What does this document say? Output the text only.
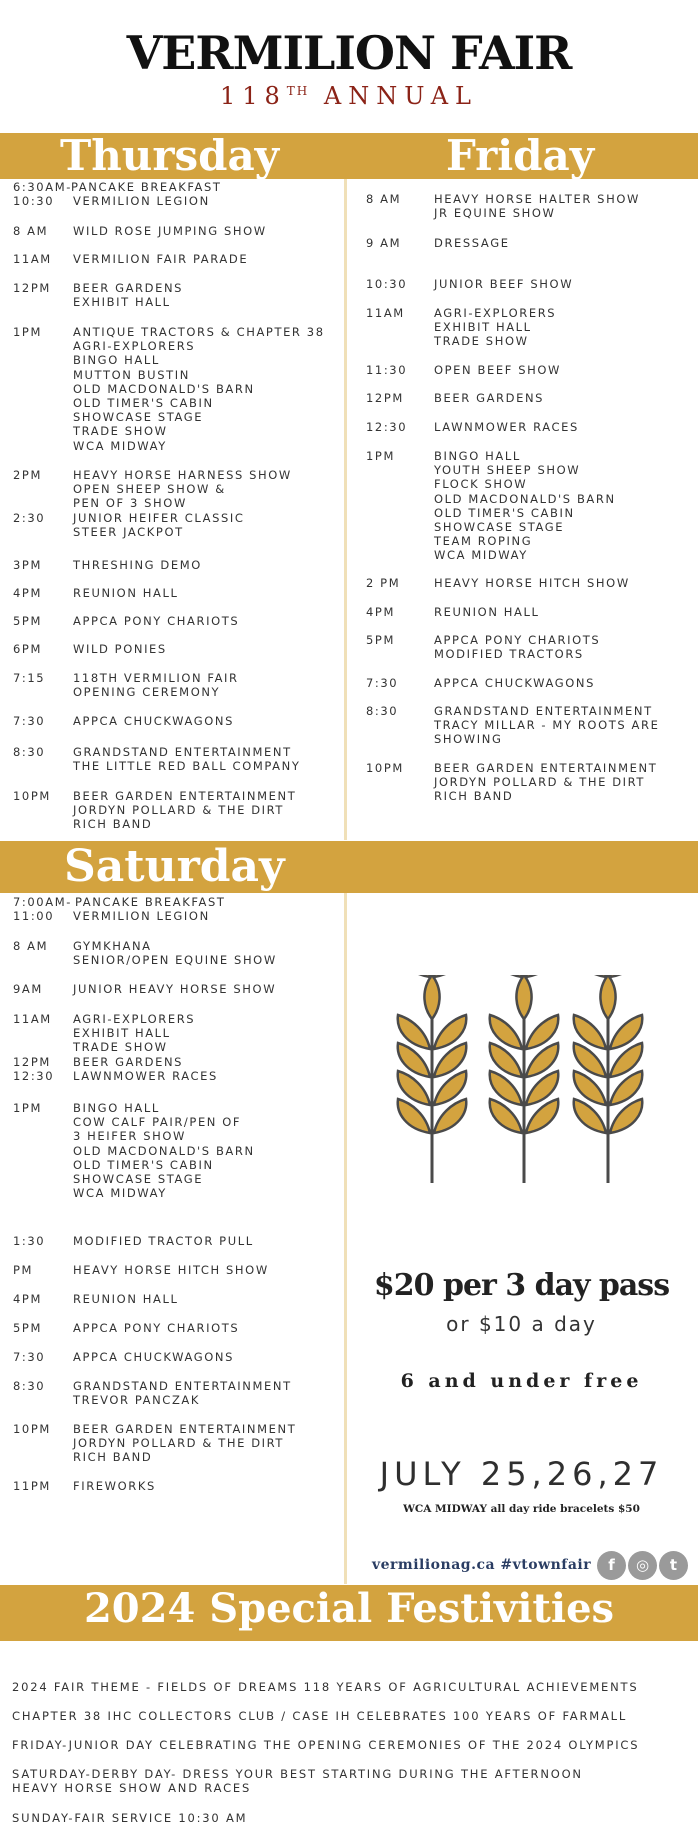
VERMILION FAIR
118TH ANNUAL
Thursday	Friday
6:30AM- PANCAKE BREAKFAST
10:30 VERMILION LEGION
8 AM WILD ROSE JUMPING SHOW
11AM VERMILION FAIR PARADE
12PM BEER GARDENS
EXHIBIT HALL
1PM	ANTIQUE TRACTORS & CHAPTER 38
AGRI-EXPLORERS
BINGO HALL
MUTTON BUSTIN
OLD MACDONALD'S BARN
OLD TIMER'S CABIN
SHOWCASE STAGE
TRADE SHOW
WCA MIDWAY
2PM	HEAVY HORSE HARNESS SHOW
OPEN SHEEP SHOW &
PEN OF 3 SHOW
2:30 JUNIOR HEIFER CLASSIC
STEER JACKPOT
3PM	THRESHING DEMO
4PM	REUNION HALL
5PM	APPCA PONY CHARIOTS
6PM	WILD PONIES
7:15 118TH VERMILION FAIR
OPENING CEREMONY
7:30 APPCA CHUCKWAGONS
8:30 GRANDSTAND ENTERTAINMENT
THE LITTLE RED BALL COMPANY
10PM BEER GARDEN ENTERTAINMENT
JORDYN POLLARD & THE DIRT
RICH BAND
8 AM	HEAVY HORSE HALTER SHOW
JR EQUINE SHOW
9 AM	DRESSAGE
10:30 JUNIOR BEEF SHOW
11AM	AGRI-EXPLORERS
EXHIBIT HALL
TRADE SHOW
11:30 OPEN BEEF SHOW
12PM	BEER GARDENS
12:30 LAWNMOWER RACES
1PM	BINGO HALL
YOUTH SHEEP SHOW
FLOCK SHOW
OLD MACDONALD'S BARN
OLD TIMER'S CABIN
SHOWCASE STAGE
TEAM ROPING
WCA MIDWAY
2 PM	HEAVY HORSE HITCH SHOW
4PM	REUNION HALL
5PM	APPCA PONY CHARIOTS
MODIFIED TRACTORS
7:30	APPCA CHUCKWAGONS
8:30	GRANDSTAND ENTERTAINMENT
TRACY MILLAR - MY ROOTS ARE
SHOWING
10PM	BEER GARDEN ENTERTAINMENT
JORDYN POLLARD & THE DIRT
RICH BAND
Saturday
7:00AM- PANCAKE BREAKFAST
11:00 VERMILION LEGION
8 AM GYMKHANA
SENIOR/OPEN EQUINE SHOW
9AM	JUNIOR HEAVY HORSE SHOW
11AM AGRI-EXPLORERS
EXHIBIT HALL
TRADE SHOW
12PM BEER GARDENS
12:30 LAWNMOWER RACES
1PM	BINGO HALL
COW CALF PAIR/PEN OF
3 HEIFER SHOW
OLD MACDONALD'S BARN
OLD TIMER'S CABIN
SHOWCASE STAGE
WCA MIDWAY
1:30 MODIFIED TRACTOR PULL
PM	HEAVY HORSE HITCH SHOW
4PM	REUNION HALL
5PM	APPCA PONY CHARIOTS
7:30 APPCA CHUCKWAGONS
8:30 GRANDSTAND ENTERTAINMENT
TREVOR PANCZAK
10PM BEER GARDEN ENTERTAINMENT
JORDYN POLLARD & THE DIRT
RICH BAND
11PM FIREWORKS
$20 per 3 day pass
or $10 a day
6 and under free
JULY 25,26,27
WCA MIDWAY all day ride bracelets $50
vermilionag.ca #vtownfair	f	◎	t
2024 Special Festivities
2024 FAIR THEME - FIELDS OF DREAMS 118 YEARS OF AGRICULTURAL ACHIEVEMENTS
CHAPTER 38 IHC COLLECTORS CLUB / CASE IH CELEBRATES 100 YEARS OF FARMALL
FRIDAY-JUNIOR DAY CELEBRATING THE OPENING CEREMONIES OF THE 2024 OLYMPICS
SATURDAY-DERBY DAY- DRESS YOUR BEST STARTING DURING THE AFTERNOON
HEAVY HORSE SHOW AND RACES
SUNDAY-FAIR SERVICE 10:30 AM
